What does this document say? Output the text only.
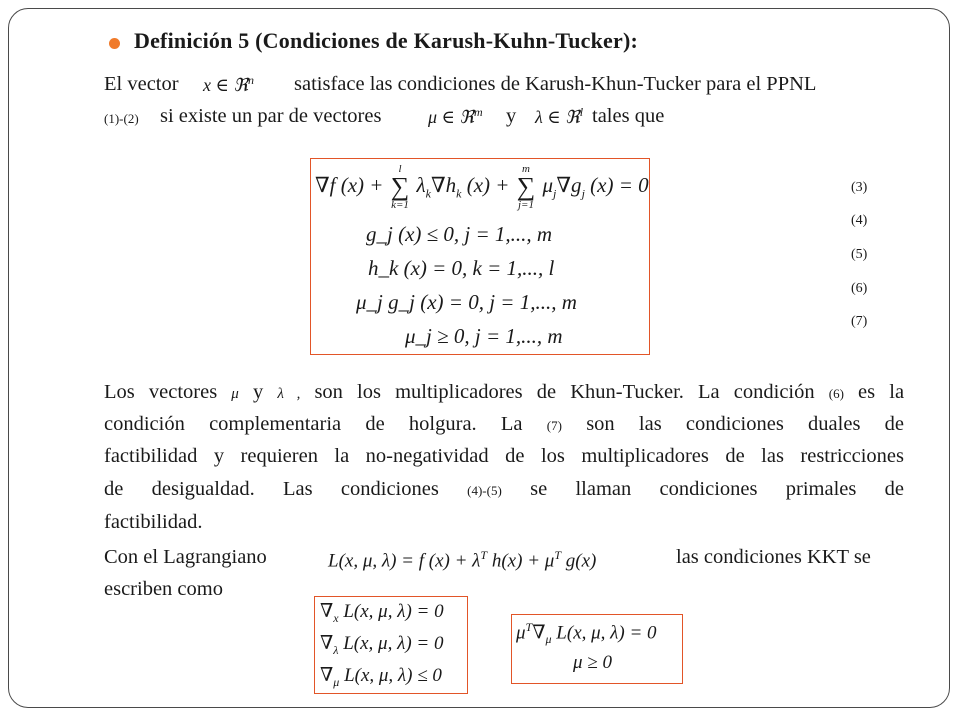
Definición 5 (Condiciones de Karush-Kuhn-Tucker):
El vector x ∈ ℜ$^n$ satisface las condiciones de Karush-Khun-Tucker para el PPNL
(1)-(2) si existe un par de vectores	μ ∈ ℜ$^m$ y λ ∈ ℜ$^l$ tales que
∇f (x) +
l
∑
k=1
$\lambda_k\nabla h_k$ (x) +
m
∑
j=1
$\mu_j\nabla g_j$ (x) = 0
g_j (x) ≤ 0, j = 1,..., m
h_k (x) = 0, k = 1,..., l
μ_j g_j (x) = 0, j = 1,..., m
μ_j ≥ 0, j = 1,..., m
(3)
(4)
(5)
(6)
(7)
Los vectores μ y λ , son los multiplicadores de Khun-Tucker. La condición (6) es la
condición complementaria de holgura. La (7) son las condiciones duales de
factibilidad y requieren la no-negatividad de los multiplicadores de las restricciones
de desigualdad. Las condiciones (4)-(5) se llaman condiciones primales de
factibilidad.
Con el Lagrangiano	L(x, μ, λ) = f $(x) + \lambda^T$ $h(x) + \mu^T$ g(x)	las condiciones KKT se
escriben como
$\nabla_x$ L(x, μ, λ) = 0
$\nabla_\lambda$ L(x, μ, λ) = 0
$\nabla_\mu$ L(x, μ, λ) ≤ 0
$\mu^T\nabla_\mu$ L(x, μ, λ) = 0
μ ≥ 0
